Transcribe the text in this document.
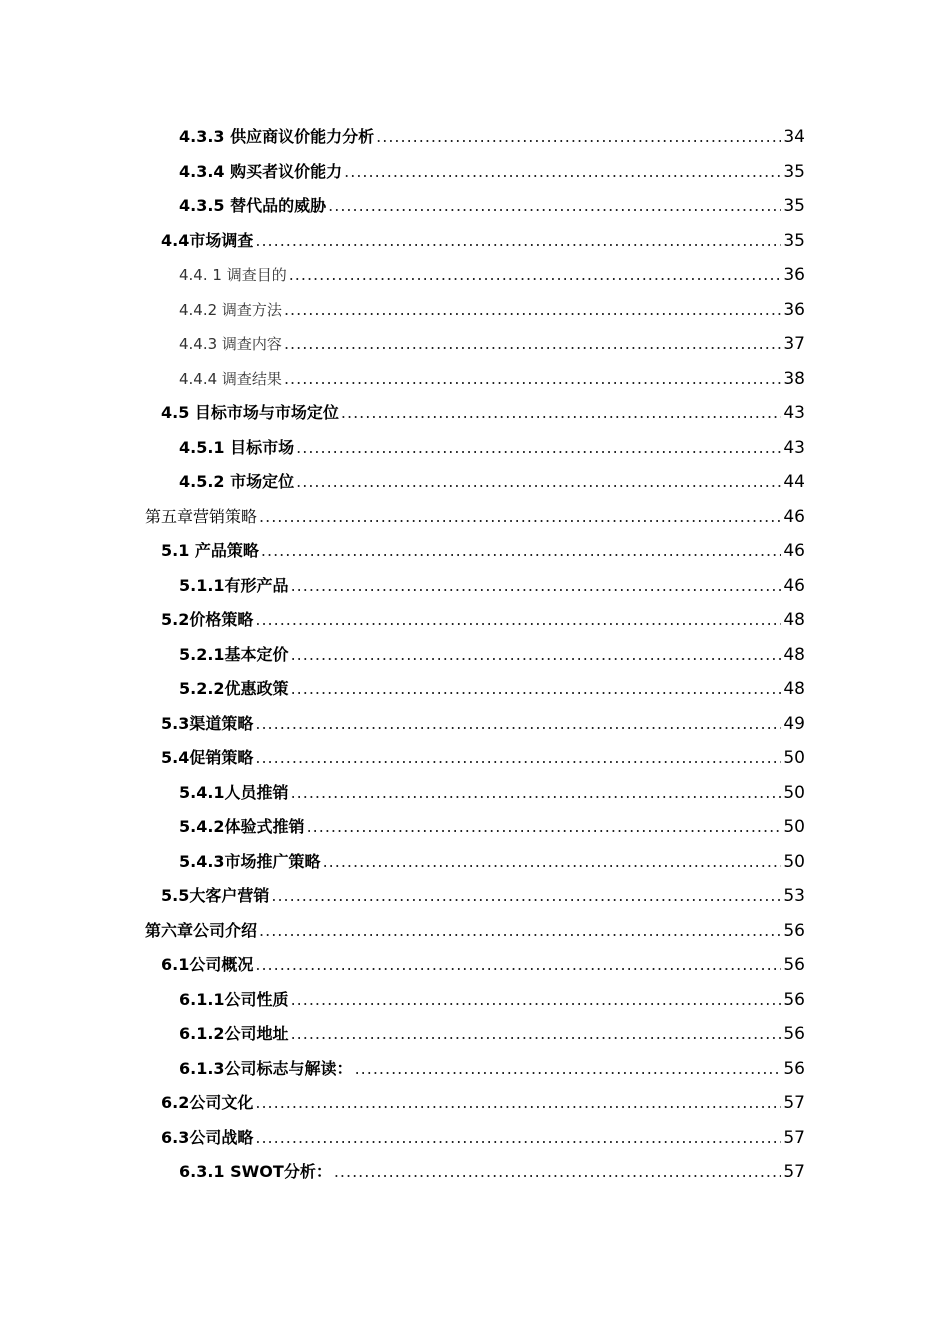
4.3.3 供应商议价能力分析 .....	34
4.3.4 购买者议价能力 .....	35
4.3.5 替代品的威胁 .....	35
4.4市场调查 .....	35
4.4. 1 调查目的 .....	36
4.4.2 调查方法 .....	36
4.4.3 调查内容 .....	37
4.4.4 调查结果 .....	38
4.5 目标市场与市场定位 .....	43
4.5.1 目标市场 .....	43
4.5.2 市场定位 .....	44
第五章营销策略 .....	46
5.1 产品策略 .....	46
5.1.1有形产品 .....	46
5.2价格策略 .....	48
5.2.1基本定价 .....	48
5.2.2优惠政策 .....	48
5.3渠道策略 .....	49
5.4促销策略 .....	50
5.4.1人员推销 .....	50
5.4.2体验式推销 .....	50
5.4.3市场推广策略 .....	50
5.5大客户营销 .....	53
第六章公司介绍 .....	56
6.1公司概况 .....	56
6.1.1公司性质 .....	56
6.1.2公司地址 .....	56
6.1.3公司标志与解读： .....	56
6.2公司文化 .....	57
6.3公司战略 .....	57
6.3.1 SWOT分析： .....	57
